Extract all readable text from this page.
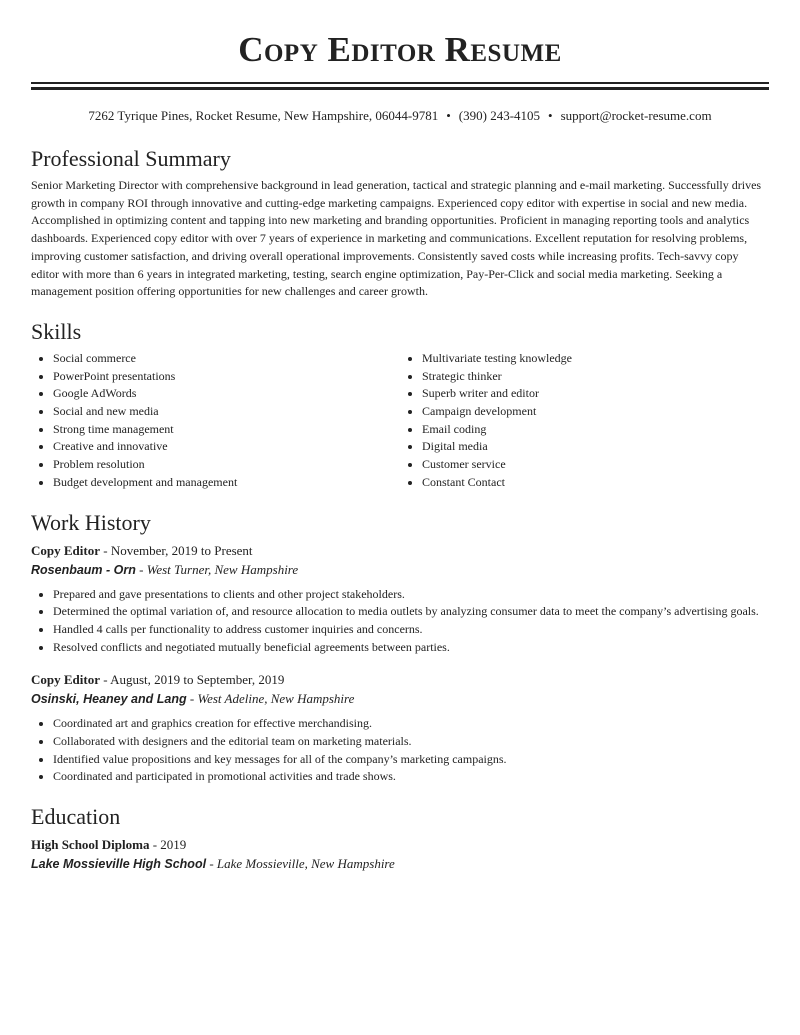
Copy Editor Resume
7262 Tyrique Pines, Rocket Resume, New Hampshire, 06044-9781 • (390) 243-4105 • support@rocket-resume.com
Professional Summary

Senior Marketing Director with comprehensive background in lead generation, tactical and strategic planning and e-mail marketing. Successfully drives growth in company ROI through innovative and cutting-edge marketing campaigns. Experienced copy editor with expertise in social and new media. Accomplished in optimizing content and tapping into new marketing and branding opportunities. Proficient in managing reporting tools and analytics dashboards. Experienced copy editor with over 7 years of experience in marketing and communications. Excellent reputation for resolving problems, improving customer satisfaction, and driving overall operational improvements. Consistently saved costs while increasing profits. Tech-savvy copy editor with more than 6 years in integrated marketing, testing, search engine optimization, Pay-Per-Click and social media marketing. Seeking a management position offering opportunities for new challenges and career growth.

Skills
• Social commerce
• PowerPoint presentations
• Google AdWords
• Social and new media
• Strong time management
• Creative and innovative
• Problem resolution
• Budget development and management
• Multivariate testing knowledge
• Strategic thinker
• Superb writer and editor
• Campaign development
• Email coding
• Digital media
• Customer service
• Constant Contact
Work History
Copy Editor - November, 2019 to Present
Rosenbaum - Orn - West Turner, New Hampshire
• Prepared and gave presentations to clients and other project stakeholders.
• Determined the optimal variation of, and resource allocation to media outlets by analyzing consumer data to meet the company’s advertising goals.
• Handled 4 calls per functionality to address customer inquiries and concerns.
• Resolved conflicts and negotiated mutually beneficial agreements between parties.
Copy Editor - August, 2019 to September, 2019
Osinski, Heaney and Lang - West Adeline, New Hampshire
• Coordinated art and graphics creation for effective merchandising.
• Collaborated with designers and the editorial team on marketing materials.
• Identified value propositions and key messages for all of the company’s marketing campaigns.
• Coordinated and participated in promotional activities and trade shows.
Education
High School Diploma - 2019
Lake Mossieville High School - Lake Mossieville, New Hampshire
